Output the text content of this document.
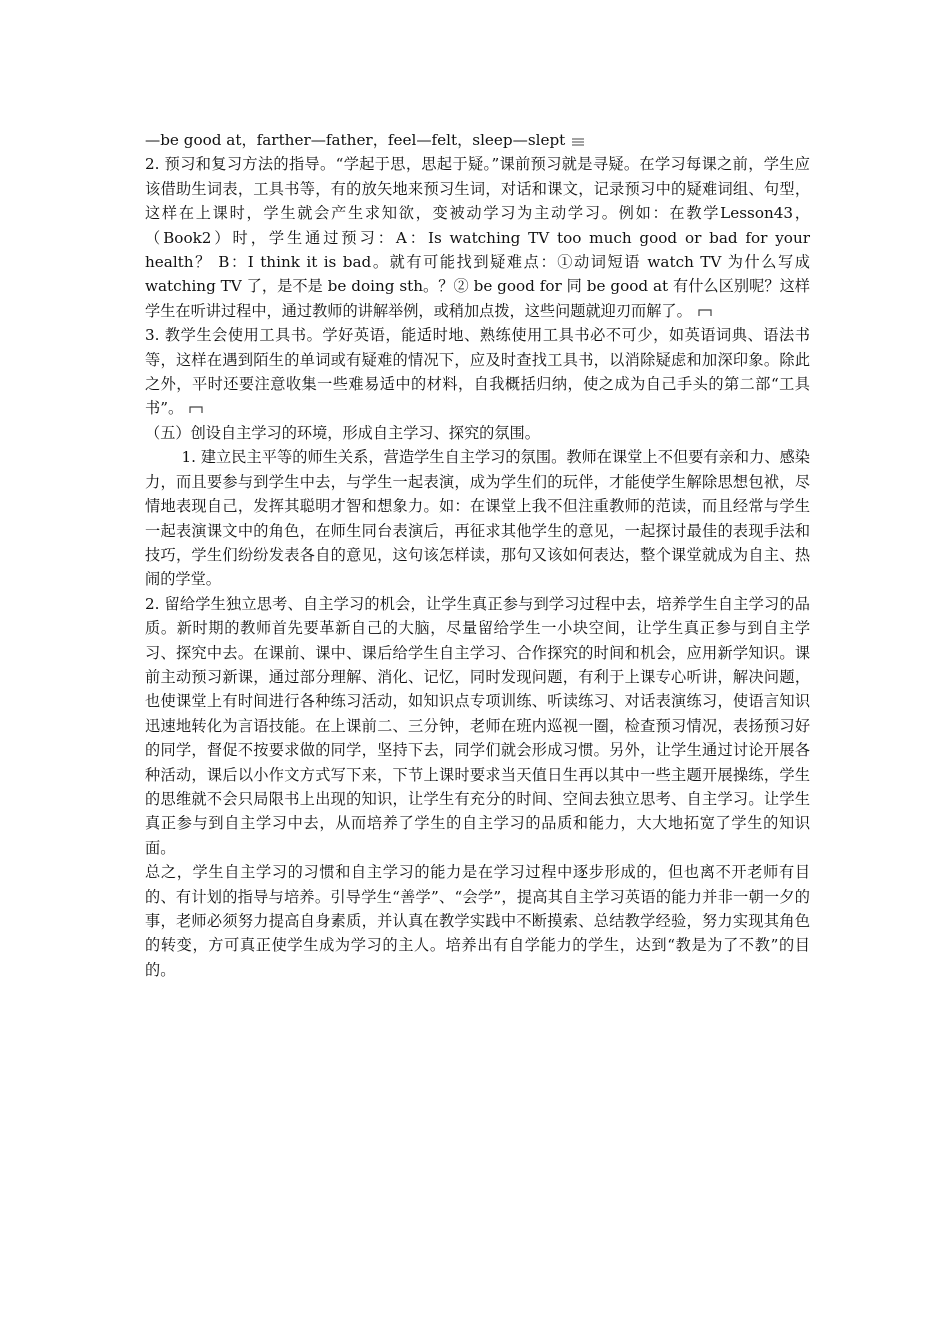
—be good at，farther—father，feel—felt，sleep—slept

2. 预习和复习方法的指导。“学起于思，思起于疑。”课前预习就是寻疑。在学习每课之前，学生应该借助生词表，工具书等，有的放矢地来预习生词，对话和课文，记录预习中的疑难词组、句型，这样在上课时，学生就会产生求知欲，变被动学习为主动学习。例如：在教学Lesson43，（Book2）时，学生通过预习：A：Is watching TV too much good or bad for your health？ B：I think it is bad。就有可能找到疑难点：①动词短语 watch TV 为什么写成 watching TV 了，是不是 be doing sth。？② be good for 同 be good at 有什么区别呢？这样学生在听讲过程中，通过教师的讲解举例，或稍加点拨，这些问题就迎刃而解了。

3. 教学生会使用工具书。学好英语，能适时地、熟练使用工具书必不可少，如英语词典、语法书等，这样在遇到陌生的单词或有疑难的情况下，应及时查找工具书，以消除疑虑和加深印象。除此之外，平时还要注意收集一些难易适中的材料，自我概括归纳，使之成为自己手头的第二部“工具书”。

（五）创设自主学习的环境，形成自主学习、探究的氛围。

1. 建立民主平等的师生关系，营造学生自主学习的氛围。教师在课堂上不但要有亲和力、感染力，而且要参与到学生中去，与学生一起表演，成为学生们的玩伴，才能使学生解除思想包袱，尽情地表现自己，发挥其聪明才智和想象力。如：在课堂上我不但注重教师的范读，而且经常与学生一起表演课文中的角色，在师生同台表演后，再征求其他学生的意见，一起探讨最佳的表现手法和技巧，学生们纷纷发表各自的意见，这句该怎样读，那句又该如何表达，整个课堂就成为自主、热闹的学堂。

2. 留给学生独立思考、自主学习的机会，让学生真正参与到学习过程中去，培养学生自主学习的品质。新时期的教师首先要革新自己的大脑，尽量留给学生一小块空间，让学生真正参与到自主学习、探究中去。在课前、课中、课后给学生自主学习、合作探究的时间和机会，应用新学知识。课前主动预习新课，通过部分理解、消化、记忆，同时发现问题，有利于上课专心听讲，解决问题，也使课堂上有时间进行各种练习活动，如知识点专项训练、听读练习、对话表演练习，使语言知识迅速地转化为言语技能。在上课前二、三分钟，老师在班内巡视一圈，检查预习情况，表扬预习好的同学，督促不按要求做的同学，坚持下去，同学们就会形成习惯。另外，让学生通过讨论开展各种活动，课后以小作文方式写下来，下节上课时要求当天值日生再以其中一些主题开展操练，学生的思维就不会只局限书上出现的知识，让学生有充分的时间、空间去独立思考、自主学习。让学生真正参与到自主学习中去，从而培养了学生的自主学习的品质和能力，大大地拓宽了学生的知识面。

总之，学生自主学习的习惯和自主学习的能力是在学习过程中逐步形成的，但也离不开老师有目的、有计划的指导与培养。引导学生“善学”、“会学”，提高其自主学习英语的能力并非一朝一夕的事，老师必须努力提高自身素质，并认真在教学实践中不断摸索、总结教学经验，努力实现其角色的转变，方可真正使学生成为学习的主人。培养出有自学能力的学生，达到“教是为了不教”的目的。
